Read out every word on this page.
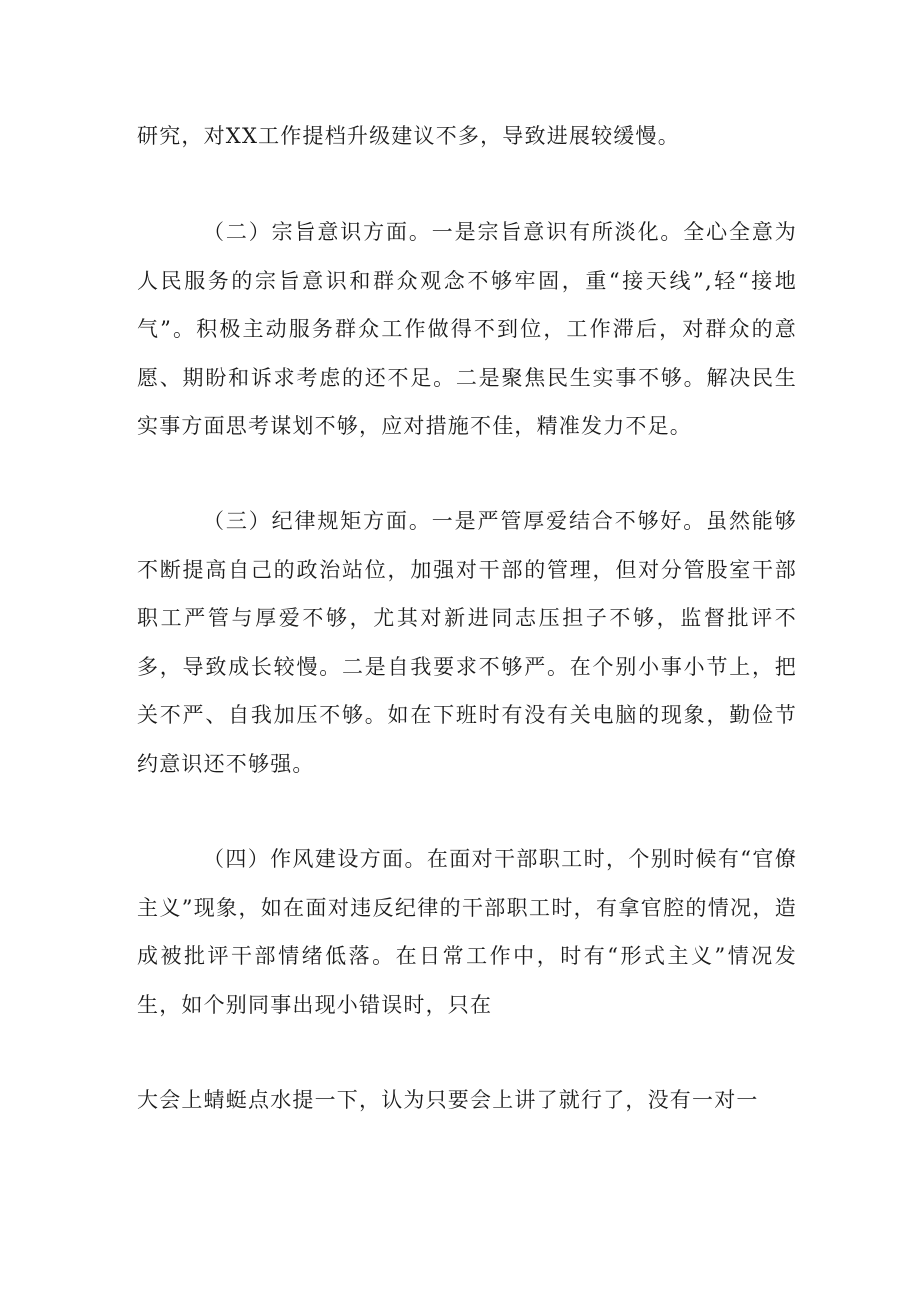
研究，对XX工作提档升级建议不多，导致进展较缓慢。

（二）宗旨意识方面。一是宗旨意识有所淡化。全心全意为人民服务的宗旨意识和群众观念不够牢固，重“接天线”,轻“接地气”。积极主动服务群众工作做得不到位，工作滞后，对群众的意愿、期盼和诉求考虑的还不足。二是聚焦民生实事不够。解决民生实事方面思考谋划不够，应对措施不佳，精准发力不足。

（三）纪律规矩方面。一是严管厚爱结合不够好。虽然能够不断提高自己的政治站位，加强对干部的管理，但对分管股室干部职工严管与厚爱不够，尤其对新进同志压担子不够，监督批评不多，导致成长较慢。二是自我要求不够严。在个别小事小节上，把关不严、自我加压不够。如在下班时有没有关电脑的现象，勤俭节约意识还不够强。

（四）作风建设方面。在面对干部职工时，个别时候有“官僚主义”现象，如在面对违反纪律的干部职工时，有拿官腔的情况，造成被批评干部情绪低落。在日常工作中，时有“形式主义”情况发生，如个别同事出现小错误时，只在

大会上蜻蜓点水提一下，认为只要会上讲了就行了，没有一对一
